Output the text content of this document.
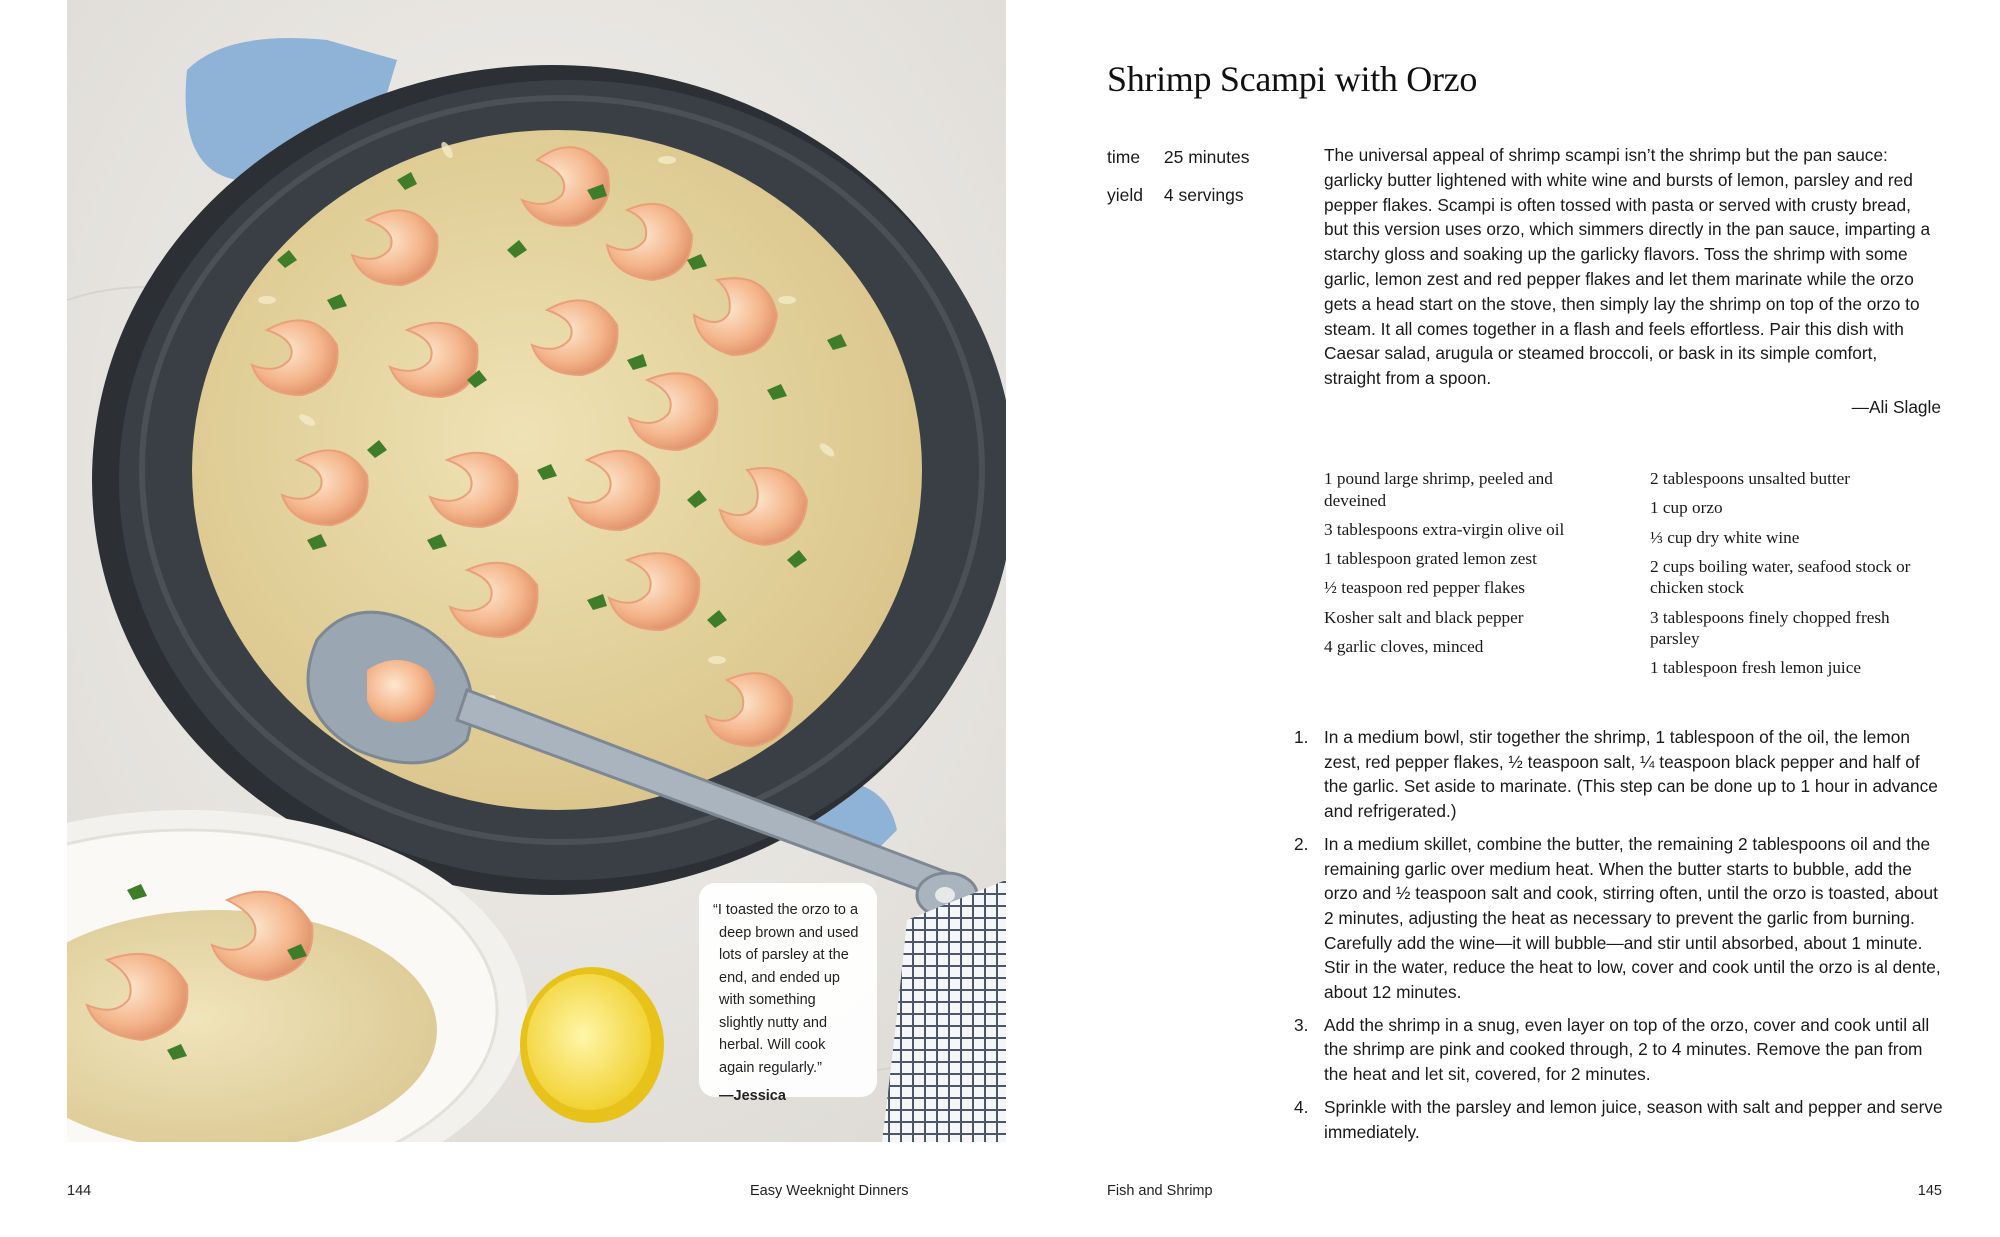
“I toasted the orzo to a deep brown and used lots of parsley at the end, and ended up with something slightly nutty and herbal. Will cook again regularly.”
—Jessica
Shrimp Scampi with Orzo
time 25 minutes
yield 4 servings

The universal appeal of shrimp scampi isn’t the shrimp but the pan sauce: garlicky butter lightened with white wine and bursts of lemon, parsley and red pepper flakes. Scampi is often tossed with pasta or served with crusty bread, but this version uses orzo, which simmers directly in the pan sauce, imparting a starchy gloss and soaking up the garlicky flavors. Toss the shrimp with some garlic, lemon zest and red pepper flakes and let them marinate while the orzo gets a head start on the stove, then simply lay the shrimp on top of the orzo to steam. It all comes together in a flash and feels effortless. Pair this dish with Caesar salad, arugula or steamed broccoli, or bask in its simple comfort, straight from a spoon.

—Ali Slagle
1 pound large shrimp, peeled and deveined
3 tablespoons extra-virgin olive oil
1 tablespoon grated lemon zest
½ teaspoon red pepper flakes
Kosher salt and black pepper
4 garlic cloves, minced
2 tablespoons unsalted butter
1 cup orzo
⅓ cup dry white wine
2 cups boiling water, seafood stock or chicken stock
3 tablespoons finely chopped fresh parsley
1 tablespoon fresh lemon juice
1. In a medium bowl, stir together the shrimp, 1 tablespoon of the oil, the lemon zest, red pepper flakes, ½ teaspoon salt, ¼ teaspoon black pepper and half of the garlic. Set aside to marinate. (This step can be done up to 1 hour in advance and refrigerated.)
2. In a medium skillet, combine the butter, the remaining 2 tablespoons oil and the remaining garlic over medium heat. When the butter starts to bubble, add the orzo and ½ teaspoon salt and cook, stirring often, until the orzo is toasted, about 2 minutes, adjusting the heat as necessary to prevent the garlic from burning. Carefully add the wine—it will bubble—and stir until absorbed, about 1 minute. Stir in the water, reduce the heat to low, cover and cook until the orzo is al dente, about 12 minutes.
3. Add the shrimp in a snug, even layer on top of the orzo, cover and cook until all the shrimp are pink and cooked through, 2 to 4 minutes. Remove the pan from the heat and let sit, covered, for 2 minutes.
4. Sprinkle with the parsley and lemon juice, season with salt and pepper and serve immediately.
144	Easy Weeknight Dinners	Fish and Shrimp	145
